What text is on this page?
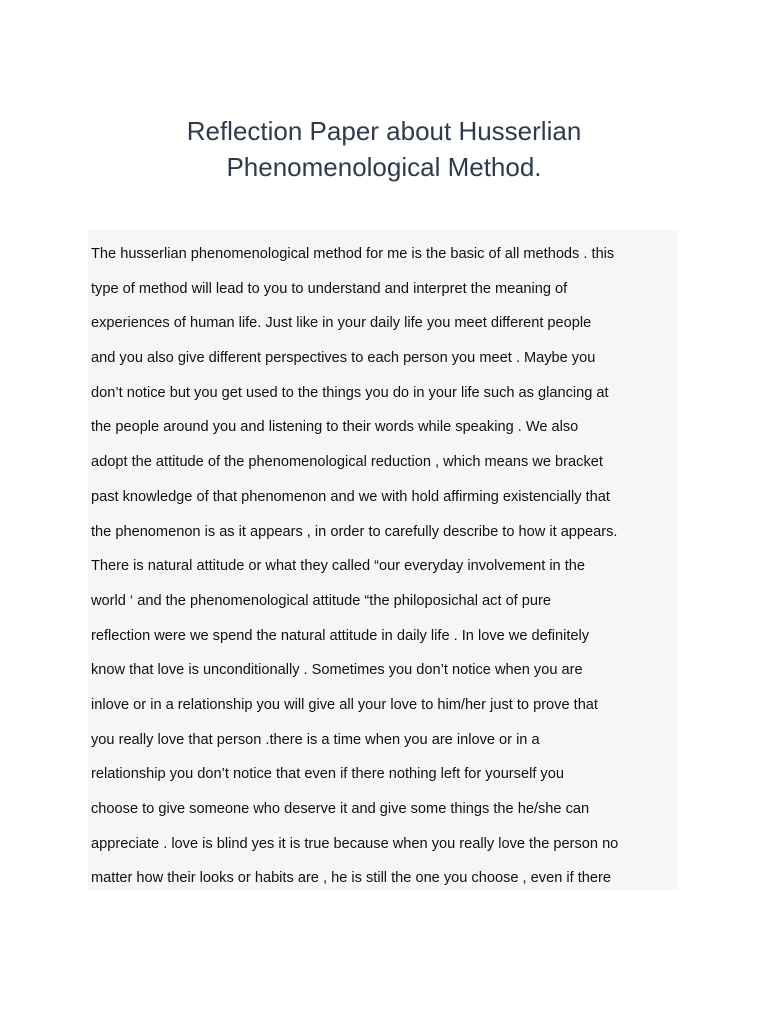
Reflection Paper about Husserlian
Phenomenological Method.
The husserlian phenomenological method for me is the basic of all methods . this
type of method will lead to you to understand and interpret the meaning of
experiences of human life. Just like in your daily life you meet different people
and you also give different perspectives to each person you meet . Maybe you
don’t notice but you get used to the things you do in your life such as glancing at
the people around you and listening to their words while speaking . We also
adopt the attitude of the phenomenological reduction , which means we bracket
past knowledge of that phenomenon and we with hold affirming existencially that
the phenomenon is as it appears , in order to carefully describe to how it appears.
There is natural attitude or what they called “our everyday involvement in the
world ‘ and the phenomenological attitude “the philoposichal act of pure
reflection were we spend the natural attitude in daily life . In love we definitely
know that love is unconditionally . Sometimes you don’t notice when you are
inlove or in a relationship you will give all your love to him/her just to prove that
you really love that person .there is a time when you are inlove or in a
relationship you don’t notice that even if there nothing left for yourself you
choose to give someone who deserve it and give some things the he/she can
appreciate . love is blind yes it is true because when you really love the person no
matter how their looks or habits are , he is still the one you choose , even if there
